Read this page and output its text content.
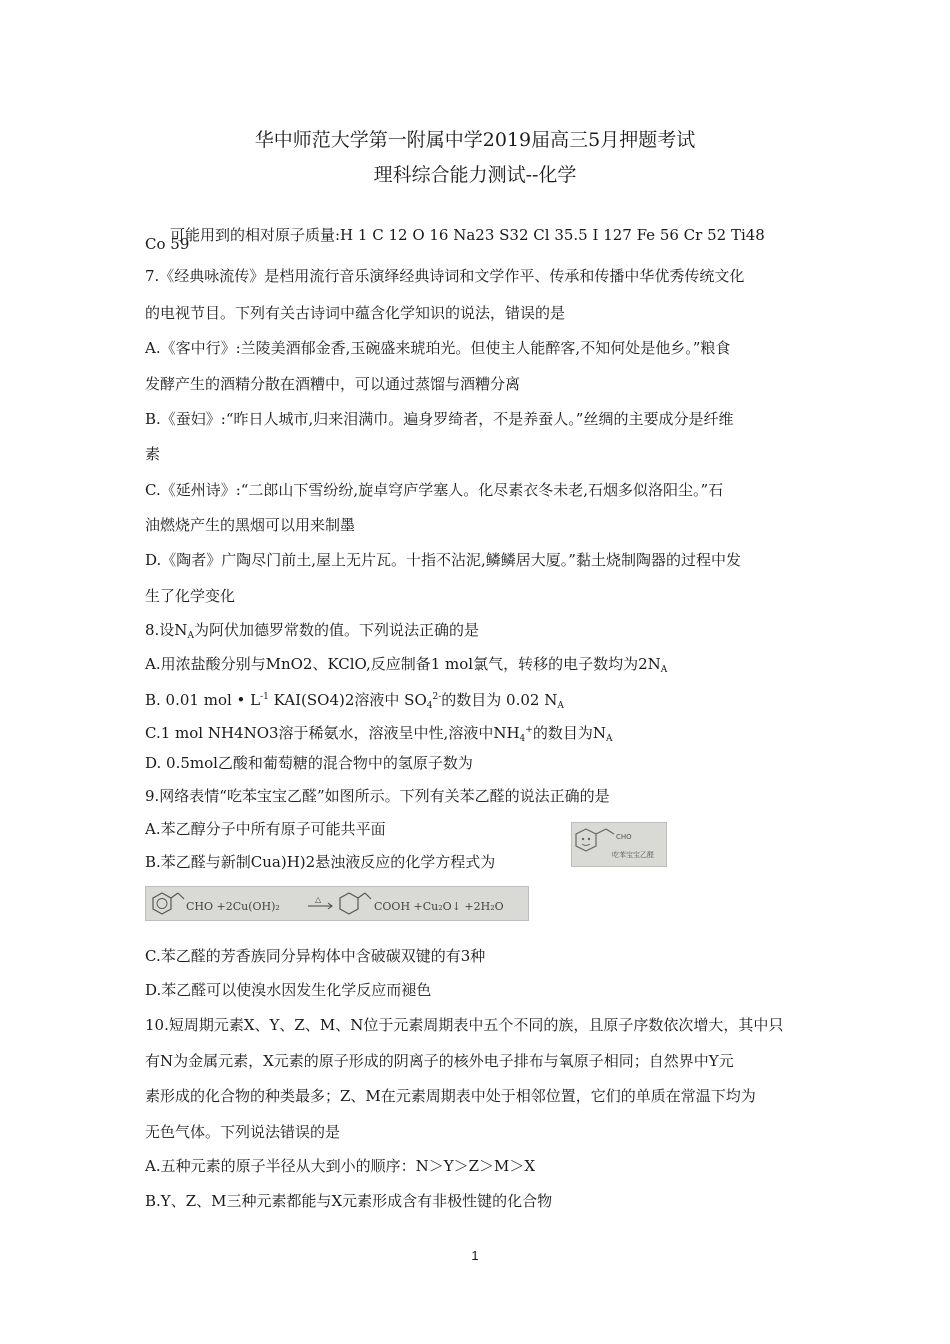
华中师范大学第一附属中学2019届高三5月押题考试
理科综合能力测试--化学
可能用到的相对原子质量:H 1 C 12 O 16 Na23 S32 Cl 35.5 I 127 Fe 56 Cr 52 Ti48
Co 59
7.《经典咏流传》是档用流行音乐演绎经典诗词和文学作平、传承和传播中华优秀传统文化
的电视节目。下列有关古诗词中蕴含化学知识的说法，错误的是
A.《客中行》:兰陵美酒郁金香,玉碗盛来琥珀光。但使主人能醉客,不知何处是他乡。”粮食
发酵产生的酒精分散在酒糟中，可以通过蒸馏与酒糟分离
B.《蚕妇》:“昨日人城市,归来泪满巾。遍身罗绮者，不是养蚕人。”丝绸的主要成分是纤维
素
C.《延州诗》:“二郎山下雪纷纷,旋卓穹庐学塞人。化尽素衣冬未老,石烟多似洛阳尘。”石
油燃烧产生的黑烟可以用来制墨
D.《陶者》广陶尽门前土,屋上无片瓦。十指不沾泥,鳞鳞居大厦。”黏土烧制陶器的过程中发
生了化学变化
8.设$N_A$为阿伏加德罗常数的值。下列说法正确的是
A.用浓盐酸分别与MnO2、KClO,反应制备1 mol氯气，转移的电子数均为$2N_A$
B. 0.01 mol • $L^{-1}$ KAI(SO4)2溶液中 $SO_4^{2-}$的数目为 0.02 $N_A$
C.1 mol NH4NO3溶于稀氨水，溶液呈中性,溶液中$NH_4^+$的数目为$N_A$
D. 0.5mol乙酸和葡萄糖的混合物中的氢原子数为
9.网络表情“吃苯宝宝乙醛”如图所示。下列有关苯乙醛的说法正确的是
A.苯乙醇分子中所有原子可能共平面
B.苯乙醛与新制Cua)H)2悬浊液反应的化学方程式为
CHO
吃苯宝宝乙醛
CHO +2Cu(OH)₂
△
COOH +Cu₂O↓ +2H₂O
C.苯乙醛的芳香族同分异构体中含破碳双键的有3种
D.苯乙醛可以使溴水因发生化学反应而褪色
10.短周期元素X、Y、Z、M、N位于元素周期表中五个不同的族，且原子序数依次增大，其中只
有N为金属元素，X元素的原子形成的阴离子的核外电子排布与氧原子相同；自然界中Y元
素形成的化合物的种类最多；Z、M在元素周期表中处于相邻位置，它们的单质在常温下均为
无色气体。下列说法错误的是
A.五种元素的原子半径从大到小的顺序：N＞Y＞Z＞M＞X
B.Y、Z、M三种元素都能与X元素形成含有非极性键的化合物
1
